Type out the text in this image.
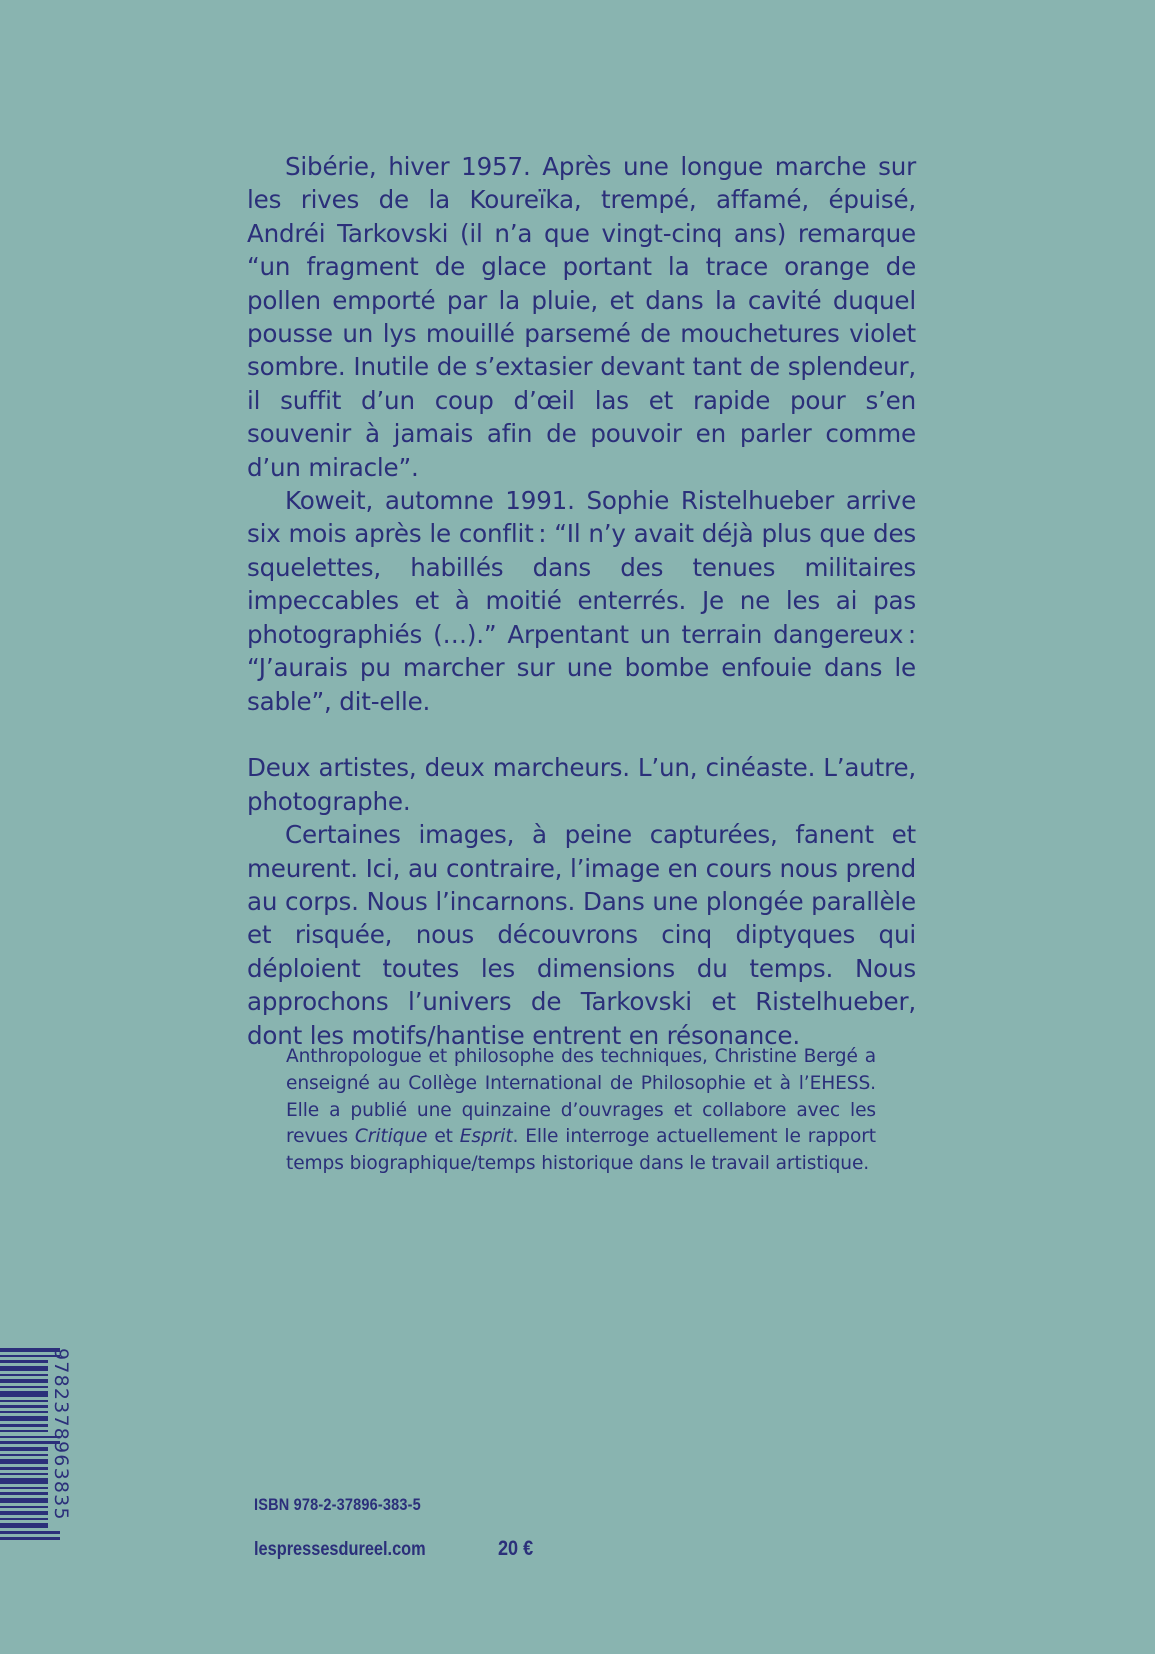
Sibérie, hiver 1957. Après une longue marche sur les rives de la Koureïka, trempé, affamé, épuisé, Andréi Tarkovski (il n’a que vingt-cinq ans) remarque “un fragment de glace portant la trace orange de pollen emporté par la pluie, et dans la cavité duquel pousse un lys mouillé parsemé de mouchetures violet sombre. Inutile de s’extasier devant tant de splendeur, il suffit d’un coup d’œil las et rapide pour s’en souvenir à jamais afin de pouvoir en parler comme d’un miracle”.

Koweit, automne 1991. Sophie Ristelhueber arrive six mois après le conflit : “Il n’y avait déjà plus que des squelettes, habillés dans des tenues militaires impeccables et à moitié enterrés. Je ne les ai pas photographiés (…).” Arpentant un terrain dangereux : “J’aurais pu marcher sur une bombe enfouie dans le sable”, dit-elle.

Deux artistes, deux marcheurs. L’un, cinéaste. L’autre, photographe.

Certaines images, à peine capturées, fanent et meurent. Ici, au contraire, l’image en cours nous prend au corps. Nous l’incarnons. Dans une plongée parallèle et risquée, nous découvrons cinq diptyques qui déploient toutes les dimensions du temps. Nous approchons l’univers de Tarkovski et Ristelhueber, dont les motifs/hantise entrent en résonance.

Anthropologue et philosophe des techniques, Christine Bergé a enseigné au Collège International de Philosophie et à l’EHESS. Elle a publié une quinzaine d’ouvrages et collabore avec les revues Critique et Esprit. Elle interroge actuellement le rapport temps biographique/temps historique dans le travail artistique.
9782378963835	ISBN 978-2-37896-383-5
lespressesdureel.com	20 €
